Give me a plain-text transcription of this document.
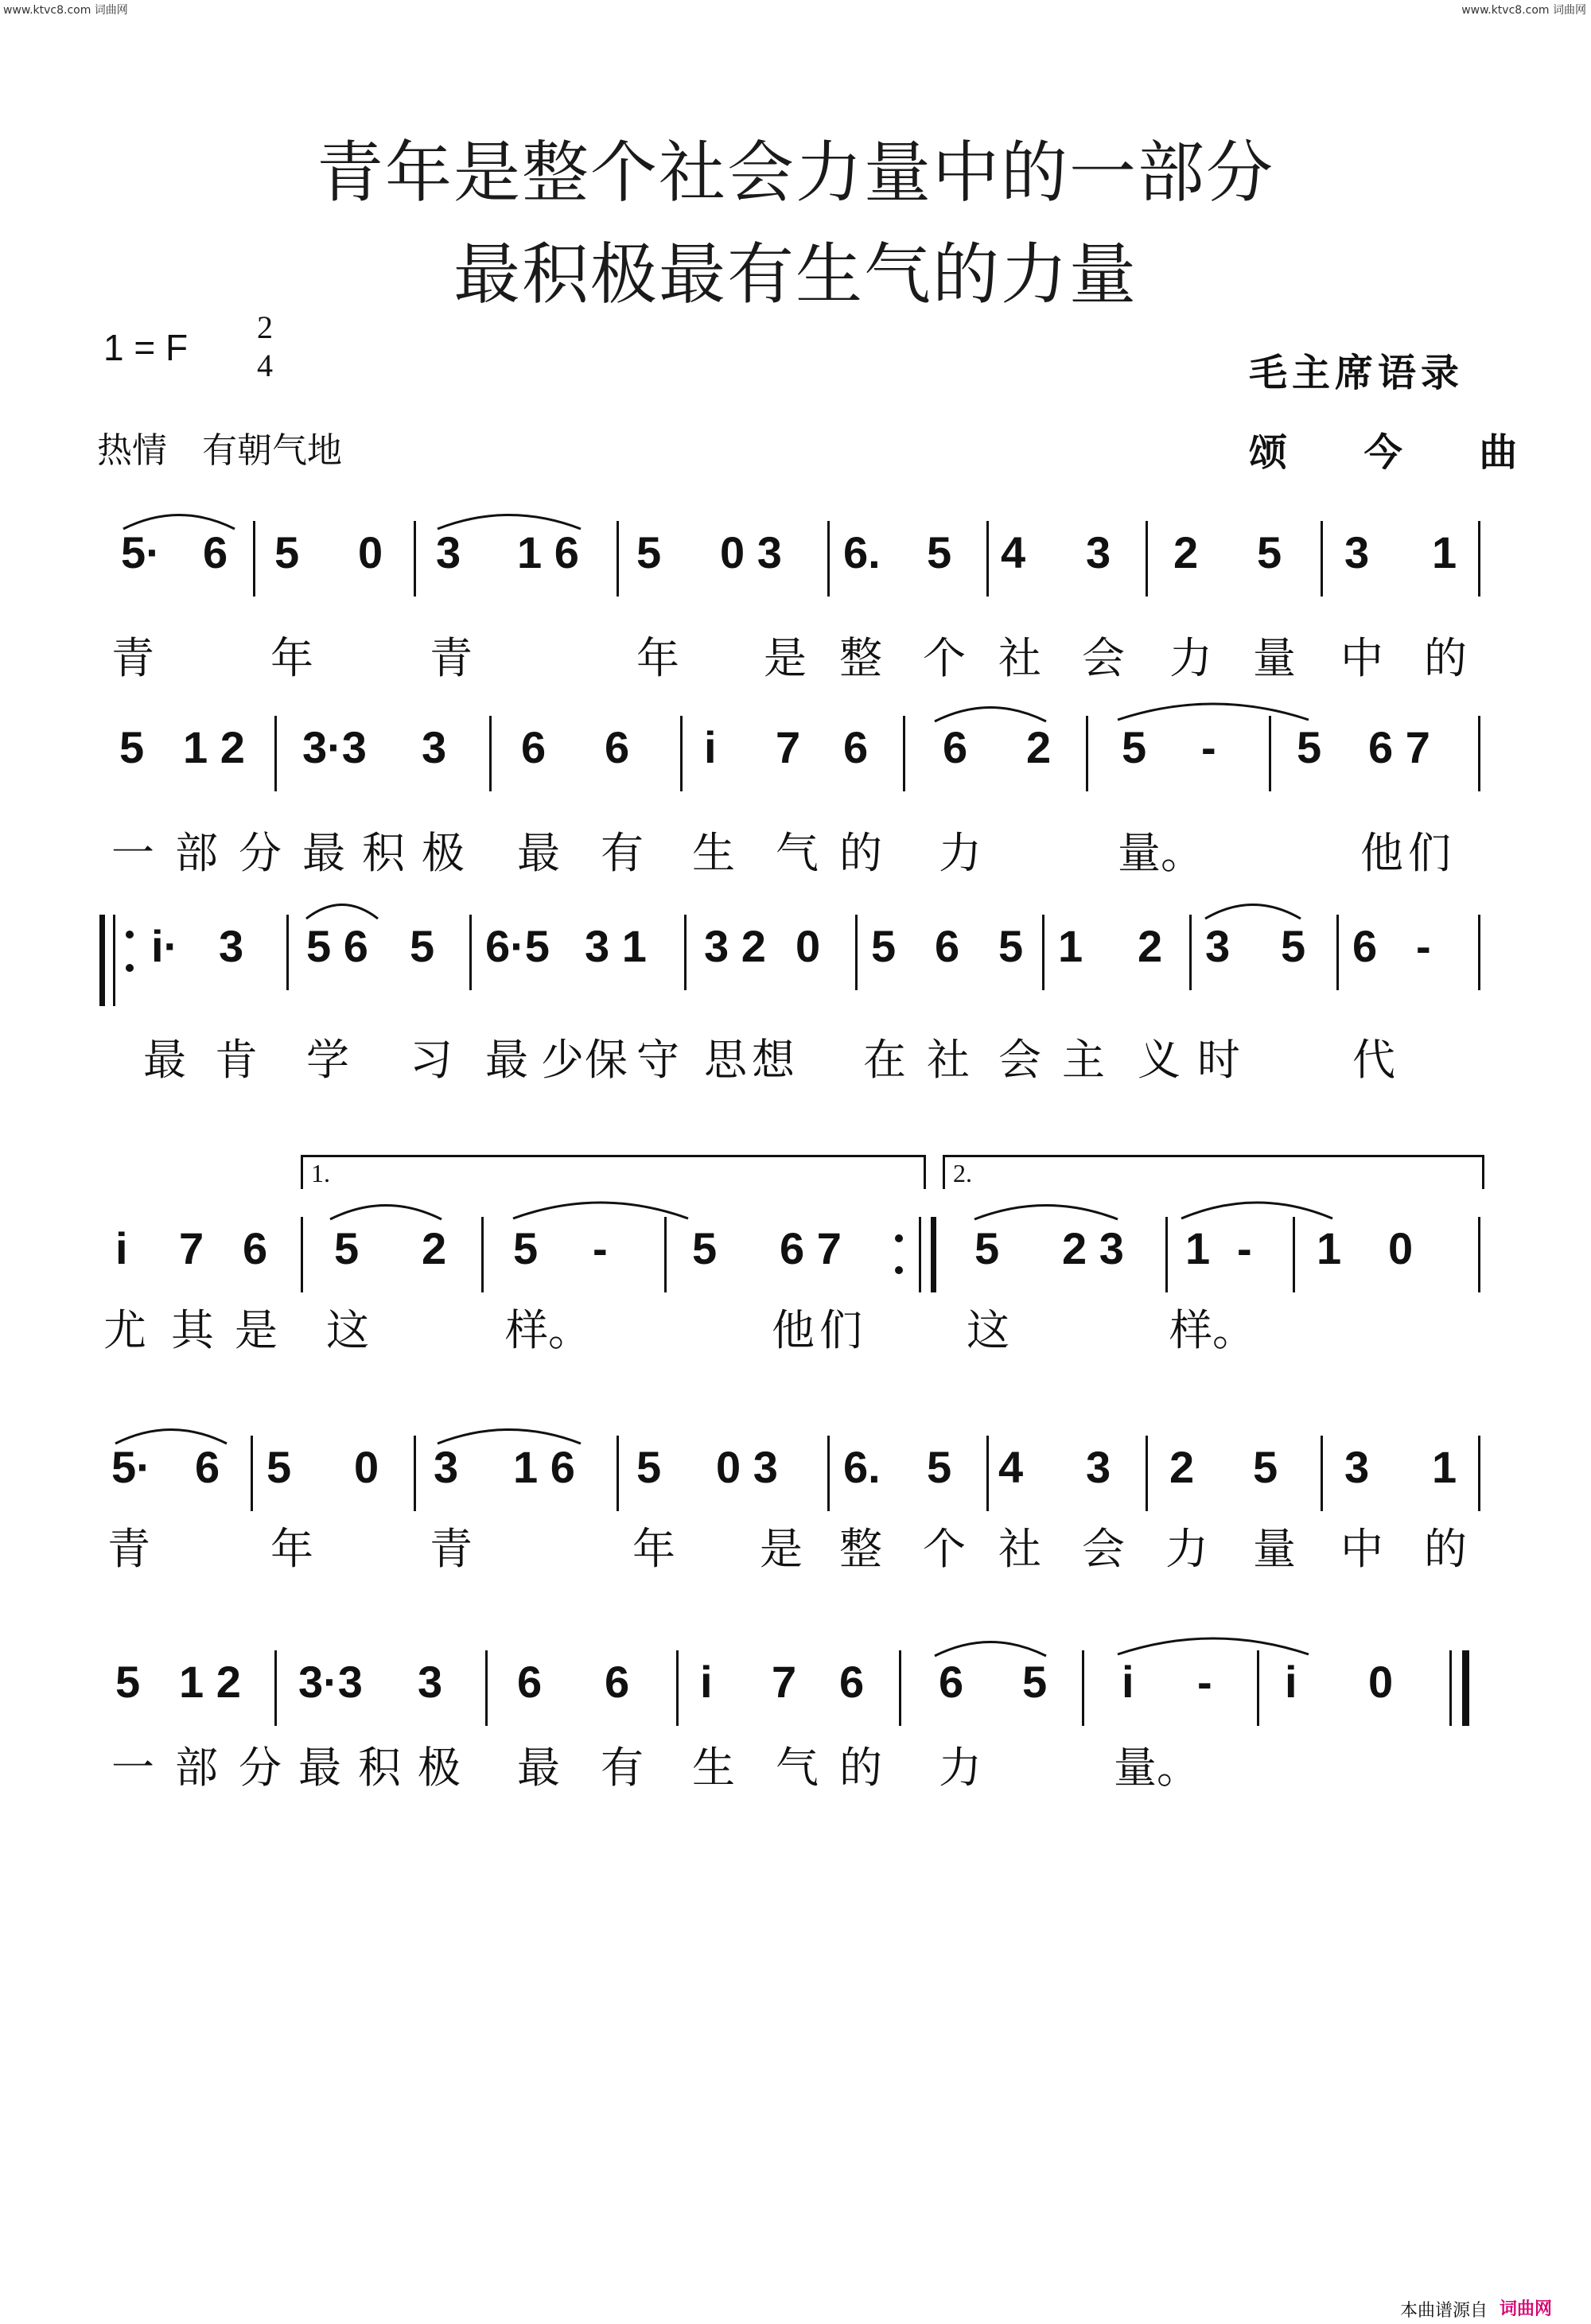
www.ktvc8.com 词曲网	www.ktvc8.com 词曲网
青年是整个社会力量中的一部分
最积极最有生气的力量
1 = F 2
4
热情　有朝气地
毛主席语录
颂 今 曲
5· 6 5 0 3 1 6 5 0 3 6. 5 4 3 2 5 3 1
青	年	青	年 是 整 个 社 会 力 量 中 的
5 1 2 3·3 3 6 6 i 7 6 6 2 5 - 5 6 7
一 部 分 最 积 极 最 有 生 气 的 力	量。	他 们
i· 3 5 6 5 6·5 3 1 3 2 0 5 6 5 1 2 3 5 6 -
最 肯 学 习 最 少 保 守 思 想 在 社 会 主 义 时	代
1.	2.
i 7 6 5 2 5 - 5 6 7	5 2 3 1 - 1 0
尤 其 是 这	样。	他 们 这	样。
5· 6 5 0 3 1 6 5 0 3 6. 5 4 3 2 5 3 1
青	年	青	年 是 整 个 社 会 力 量 中 的
5 1 2 3·3 3 6 6 i 7 6 6 5 i - i 0
一 部 分 最 积 极 最 有 生 气 的 力	量。
本曲谱源自 词曲网
